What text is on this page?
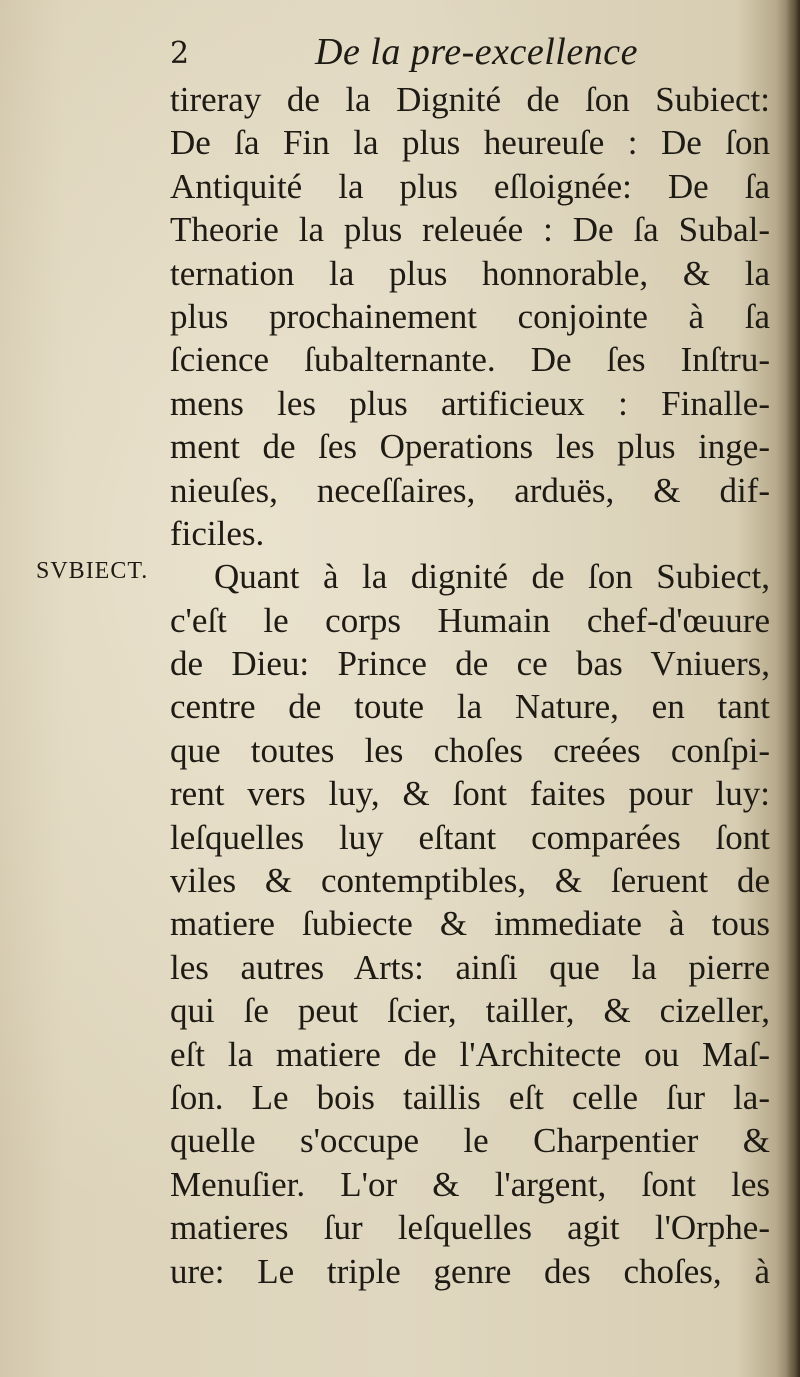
2	De la pre-excellence
SVBIECT.
tireray de la Dignité de ſon Subiect:
De ſa Fin la plus heureuſe : De ſon
Antiquité la plus eſloignée: De ſa
Theorie la plus releuée : De ſa Subal-
ternation la plus honnorable, & la
plus prochainement conjointe à ſa
ſcience ſubalternante. De ſes Inſtru-
mens les plus artificieux : Finalle-
ment de ſes Operations les plus inge-
nieuſes, neceſſaires, arduës, & dif-
ficiles.
Quant à la dignité de ſon Subiect,
c'eſt le corps Humain chef-d'œuure
de Dieu: Prince de ce bas Vniuers,
centre de toute la Nature, en tant
que toutes les choſes creées conſpi-
rent vers luy, & ſont faites pour luy:
leſquelles luy eſtant comparées ſont
viles & contemptibles, & ſeruent de
matiere ſubiecte & immediate à tous
les autres Arts: ainſi que la pierre
qui ſe peut ſcier, tailler, & cizeller,
eſt la matiere de l'Architecte ou Maſ-
ſon. Le bois taillis eſt celle ſur la-
quelle s'occupe le Charpentier &
Menuſier. L'or & l'argent, ſont les
matieres ſur leſquelles agit l'Orphe-
ure: Le triple genre des choſes, à
